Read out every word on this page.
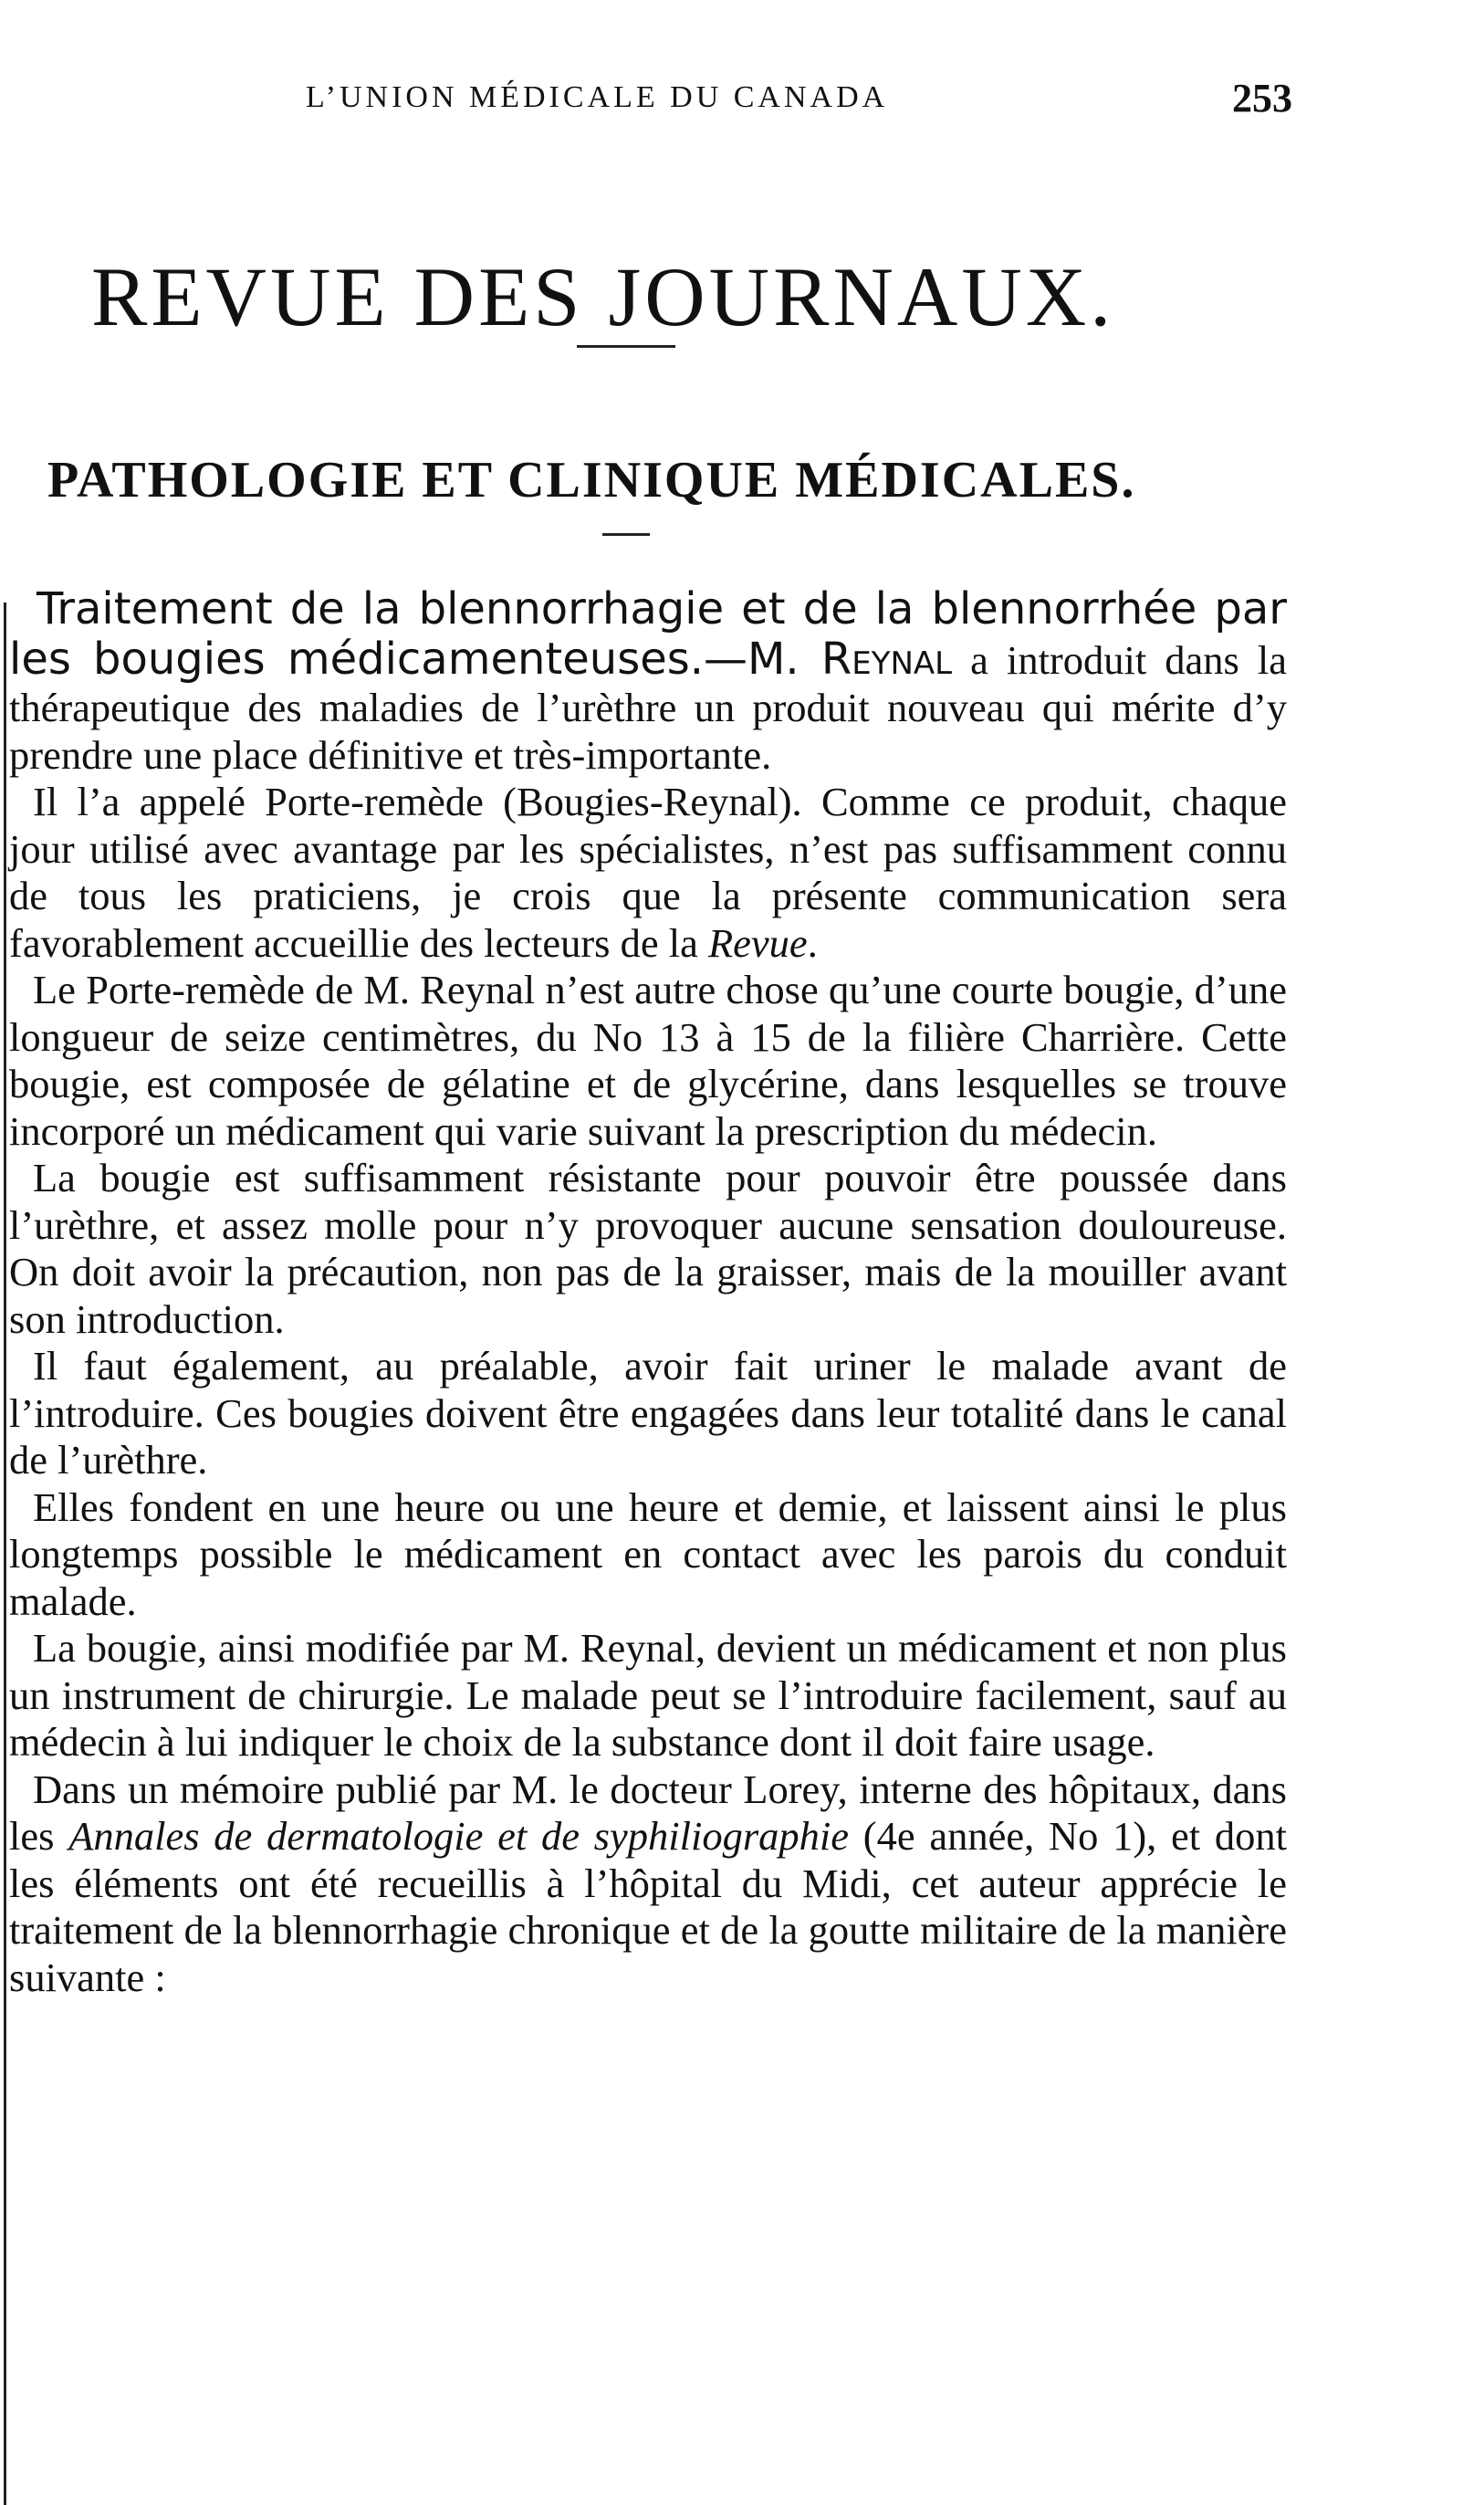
L’UNION MÉDICALE DU CANADA	253
REVUE DES JOURNAUX.
PATHOLOGIE ET CLINIQUE MÉDICALES.

Traitement de la blennorrhagie et de la blennorrhée par les bougies médicamenteuses.—M. Reynal a introduit dans la thérapeutique des maladies de l’urèthre un produit nouveau qui mérite d’y prendre une place définitive et très-importante.

Il l’a appelé Porte-remède (Bougies-Reynal). Comme ce produit, chaque jour utilisé avec avantage par les spécialistes, n’est pas suffisamment connu de tous les praticiens, je crois que la présente communication sera favorablement accueillie des lecteurs de la Revue.

Le Porte-remède de M. Reynal n’est autre chose qu’une courte bougie, d’une longueur de seize centimètres, du No 13 à 15 de la filière Charrière. Cette bougie, est composée de gélatine et de glycérine, dans lesquelles se trouve incorporé un médicament qui varie suivant la prescription du médecin.

La bougie est suffisamment résistante pour pouvoir être poussée dans l’urèthre, et assez molle pour n’y provoquer aucune sensation douloureuse. On doit avoir la précaution, non pas de la graisser, mais de la mouiller avant son introduction.

Il faut également, au préalable, avoir fait uriner le malade avant de l’introduire. Ces bougies doivent être engagées dans leur totalité dans le canal de l’urèthre.

Elles fondent en une heure ou une heure et demie, et laissent ainsi le plus longtemps possible le médicament en contact avec les parois du conduit malade.

La bougie, ainsi modifiée par M. Reynal, devient un médicament et non plus un instrument de chirurgie. Le malade peut se l’introduire facilement, sauf au médecin à lui indiquer le choix de la substance dont il doit faire usage.

Dans un mémoire publié par M. le docteur Lorey, interne des hôpitaux, dans les Annales de dermatologie et de syphiliographie (4e année, No 1), et dont les éléments ont été recueillis à l’hôpital du Midi, cet auteur apprécie le traitement de la blennorrhagie chronique et de la goutte militaire de la manière suivante :
